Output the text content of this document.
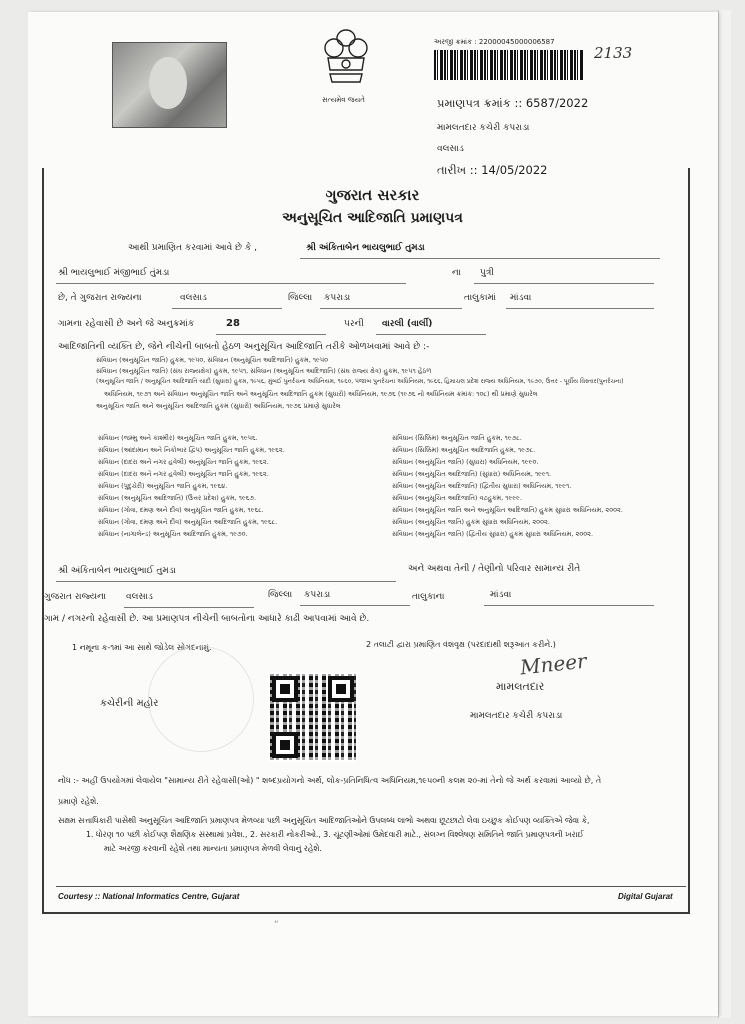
સત્યમેવ જયતે
અરજી ક્રમાંક : 22000045000006587
2133
પ્રમાણપત્ર ક્રમાંક :: 6587/2022
મામલતદાર કચેરી કપરાડા
વલસાડ
તારીખ :: 14/05/2022
ગુજરાત સરકાર
અનુસૂચિત આદિજાતિ પ્રમાણપત્ર
આથી પ્રમાણિત કરવામાં આવે છે કે ,	શ્રી અંકિતાબેન ભાયલુભાઈ તુમડા
શ્રી ભાયલુભાઈ મંજીભાઈ તુંમડા	ના પુત્રી
છે, તે ગુજરાત રાજ્યના	વલસાડ	જિલ્લા કપરાડા	તાલુકામાં માંડવા
ગામના રહેવાસી છે અને જે અનુક્રમાંક	28	પરની વારલી (વાર્લી)
આદિજાતિની વ્યક્તિ છે, જેને નીચેની બાબતો હેઠળ અનુસૂચિત આદિજાતિ તરીકે ઓળખવામાં આવે છે :-
સંવિધાન (અનુસૂચિત જાતિ) હુકમ, ૧૯૫૦, સંવિધાન (અનુસૂચિત આદિજાતિ) હુકમ, ૧૯૫૦
સંવિધાન (અનુસૂચિત જાતિ) (સંઘ રાજ્યક્ષેત્ર) હુકમ, ૧૯૫૧, સંવિધાન (અનુસૂચિત આદિજાતિ) (સંઘ રાજ્ય ક્ષેત્ર) હુકમ, ૧૯૫૧ હેઠળ
(અનુસૂચિત જાતિ / અનુસૂચિત આદિજાતિ યાદી (સુધારા) હુકમ, ૧૯૫૬, મુંબઈ પુનર્રચના અધિનિયમ, ૧૯૬૦, પંજાબ પુનર્રચના અધિનિયમ, ૧૯૬૬, હિમાચલ પ્રદેશ રાજ્ય અધિનિયમ, ૧૯૭૦, ઉત્તર - પૂર્વીય વિસ્તાર(પુનર્રચના)
અધિનિયમ, ૧૯૭૧ અને સંવિધાન અનુસૂચિત જાતિ અને અનુસૂચિત આદિજાતિ હુકમ (સુધારો) અધિનિયમ, ૧૯૭૬ (૧૯૭૬ નો અધિનિયમ ક્રમાંક: ૧૦૮) થી પ્રમાણે સુધારેલ
અનુસૂચિત જાતિ અને અનુસૂચિત આદિજાતિ હુકમ (સુધારો) અધિનિયમ, ૧૯૭૬ પ્રમાણે સુધારેલ
સંવિધાન (જમ્મુ અને કાશ્મીર) અનુસૂચિત જાતિ હુકમ, ૧૯૫૬.
સંવિધાન (આંદામાન અને નિકોબાર દ્વિપ) અનુસૂચિત જાતિ હુકમ, ૧૯૬૨.
સંવિધાન (દાદરા અને નગર હવેલી) અનુસૂચિત જાતિ હુકમ, ૧૯૬૨.
સંવિધાન (દાદરા અને નગર હવેલી) અનુસૂચિત જાતિ હુકમ, ૧૯૬૨.
સંવિધાન (પુદુચેરી) અનુસૂચિત જાતિ હુકમ, ૧૯૬૪.
સંવિધાન (અનુસૂચિત આદિજાતિ) (ઉત્તર પ્રદેશ) હુકમ, ૧૯૬૭.
સંવિધાન (ગોવા, દમણ અને દીવ) અનુસૂચિત જાતિ હુકમ, ૧૯૬૮.
સંવિધાન (ગોવા, દમણ અને દીવ) અનુસૂચિત આદિજાતિ હુકમ, ૧૯૬૮.
સંવિધાન (નાગાલેન્ડ) અનુસૂચિત આદિજાતિ હુકમ, ૧૯૭૦.
સંવિધાન (સિક્કિમ) અનુસૂચિત જાતિ હુકમ, ૧૯૭૮.
સંવિધાન (સિક્કિમ) અનુસૂચિત આદિજાતિ હુકમ, ૧૯૭૮.
સંવિધાન (અનુસૂચિત જાતિ) (સુધારા) અધિનિયમ, ૧૯૯૦.
સંવિધાન (અનુસૂચિત આદિજાતિ) (સુધારા) અધિનિયમ, ૧૯૯૧.
સંવિધાન (અનુસૂચિત આદિજાતિ) (દ્વિતીય સુધારા) અધિનિયમ, ૧૯૯૧.
સંવિધાન (અનુસૂચિત આદિજાતિ) વટહુકમ, ૧૯૯૯.
સંવિધાન (અનુસૂચિત જાતિ અને અનુસૂચિત આદિજાતિ) હુકમ સુધારા અધિનિયમ, ૨૦૦૨.
સંવિધાન (અનુસૂચિત જાતિ) હુકમ સુધારા અધિનિયમ, ૨૦૦૨.
સંવિધાન (અનુસૂચિત જાતિ) (દ્વિતીય સુધારા) હુકમ સુધારા અધિનિયમ, ૨૦૦૨.
શ્રી અંકિતાબેન ભાયલુભાઈ તુમડા	અને અથવા તેની / તેણીનો પરિવાર સામાન્ય રીતે
ગુજરાત રાજ્યના વલસાડ	જિલ્લા કપરાડા	તાલુકાના	માંડવા
ગામ / નગરનો રહેવાસી છે. આ પ્રમાણપત્ર નીચેની બાબતોના આધારે કાઢી આપવામાં આવે છે.
1 નમૂના ક-૧માં આ સાથે જોડેલ સોગંદનામું.	2 તલાટી દ્વારા પ્રમાણિત વંશવૃક્ષ (પરદાદાથી શરૂઆત કરીને.)
કચેરીની મહોર
Mneer
મામલતદાર
મામલતદાર કચેરી કપરાડા
નોંધ :- અહીં ઉપયોગમાં લેવાયેલ "સામાન્ય રીતે રહેવાસી(ઓ) " શબ્દપ્રયોગનો અર્થ, લોક-પ્રતિનિધિત્વ અધિનિયમ,૧૯૫૦ની કલમ ૨૦-માં તેનો જે અર્થ કરવામાં આવ્યો છે, તે
પ્રમાણે રહેશે.
સક્ષમ સત્તાધિકારી પાસેથી અનુસૂચિત આદિજાતિ પ્રમાણપત્ર મેળવ્યા પછી અનુસૂચિત આદિજાતિઓને ઉપલબ્ધ લાભો અથવા છૂટછાટો લેવા ઇચ્છુક કોઈપણ વ્યક્તિએ જેવા કે,
1. ધોરણ ૧૦ પછી કોઈપણ શૈક્ષણિક સંસ્થામાં પ્રવેશ., 2. સરકારી નોકરીઓ., 3. ચૂંટણીઓમાં ઉમેદવારી માટે., સંલગ્ન વિશ્લેષણ સમિતિને જાતિ પ્રમાણપત્રની ખરાઈ
માટે અરજી કરવાની રહેશે તથા માન્યતા પ્રમાણપત્ર મેળવી લેવાનું રહેશે.
Courtesy :: National Informatics Centre, Gujarat	Digital Gujarat
“
